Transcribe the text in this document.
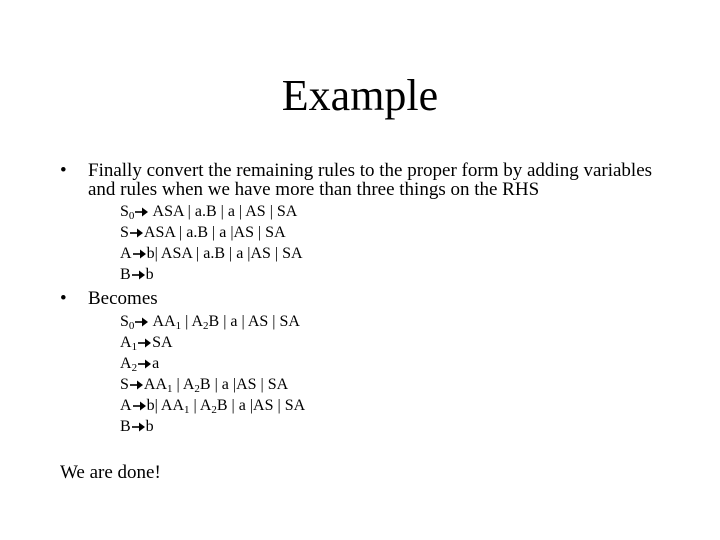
Example
• Finally convert the remaining rules to the proper form by adding variables
and rules when we have more than three things on the RHS
$S_0$ ASA | a.B | a | AS | SA
S ASA | a.B | a |AS | SA
A b| ASA | a.B | a |AS | SA
B b
• Becomes
$S_0$ $AA_1$ | $A_2B$ | a | AS | SA
$A_1$ SA
$A_2$ a
S $AA_1$ | $A_2B$ | a |AS | SA
A b| $AA_1$ | $A_2B$ | a |AS | SA
B b
We are done!
